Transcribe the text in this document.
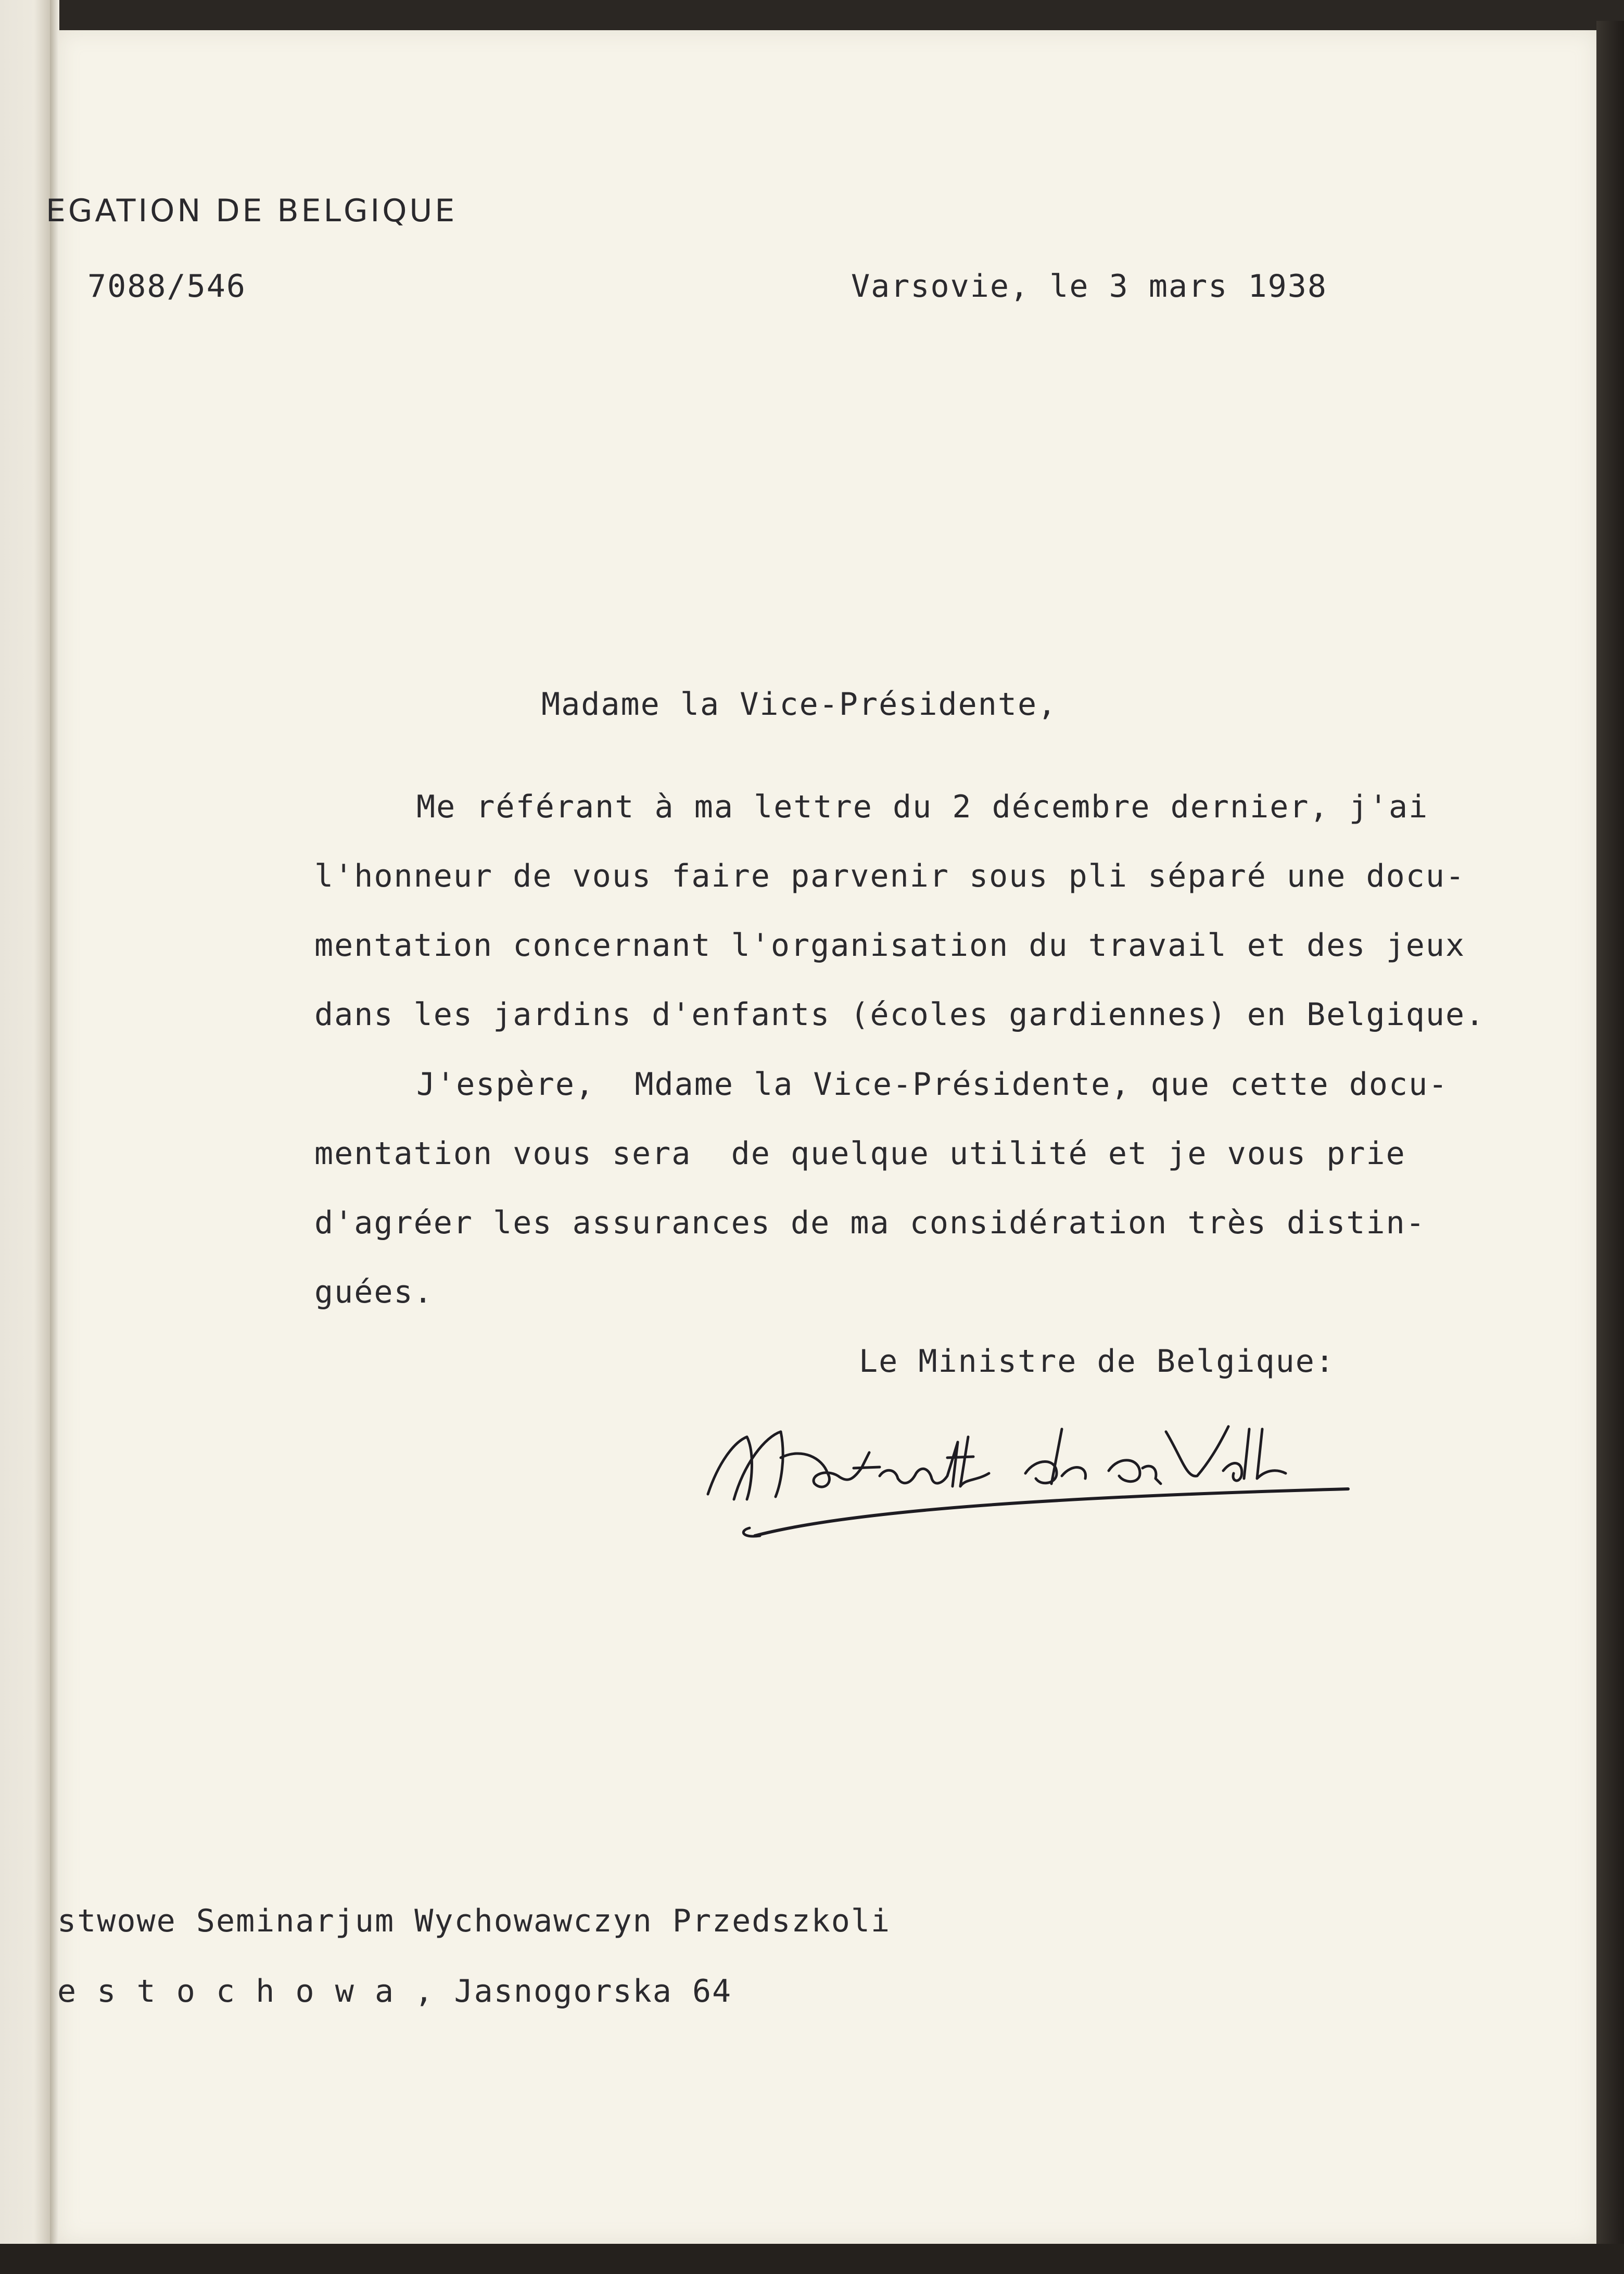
EGATION DE BELGIQUE
7088/546	Varsovie, le 3 mars 1938
Madame la Vice-Présidente,
Me référant à ma lettre du 2 décembre dernier, j'ai
l'honneur de vous faire parvenir sous pli séparé une docu-
mentation concernant l'organisation du travail et des jeux
dans les jardins d'enfants (écoles gardiennes) en Belgique.
J'espère,  Mdame la Vice-Présidente, que cette docu-
mentation vous sera  de quelque utilité et je vous prie
d'agréer les assurances de ma considération très distin-
guées.
Le Ministre de Belgique:
stwowe Seminarjum Wychowawczyn Przedszkoli
e s t o c h o w a , Jasnogorska 64
